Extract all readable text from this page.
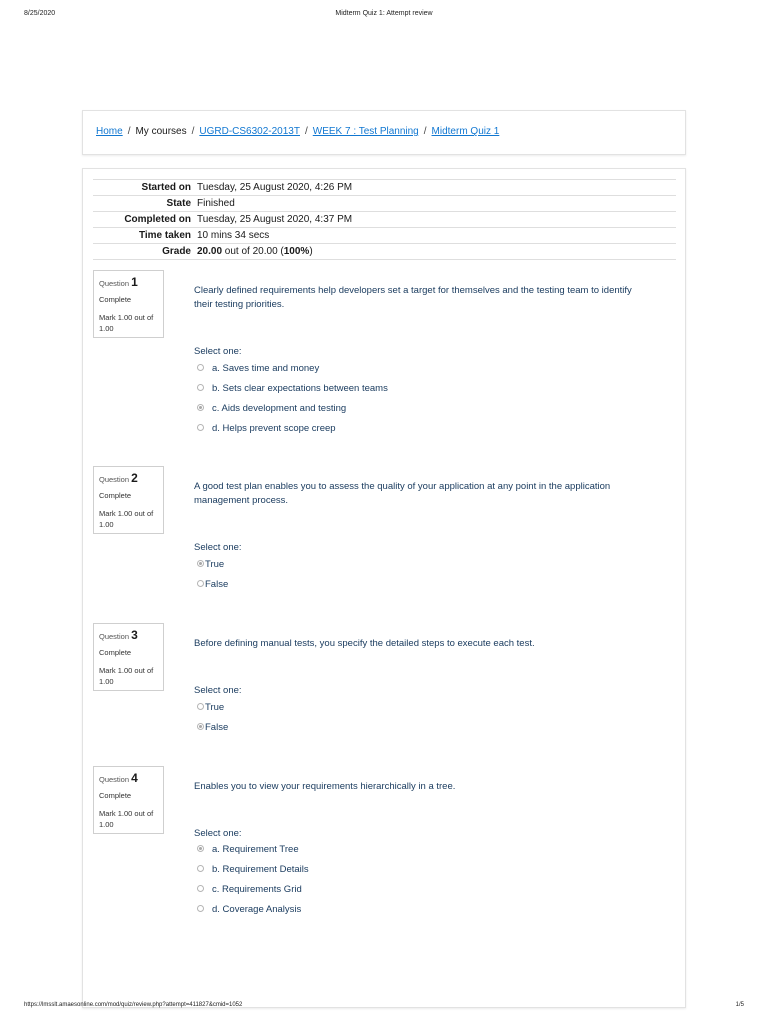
8/25/2020	Midterm Quiz 1: Attempt review
Home / My courses / UGRD-CS6302-2013T / WEEK 7 : Test Planning / Midterm Quiz 1
Started on	Tuesday, 25 August 2020, 4:26 PM
State	Finished
Completed on	Tuesday, 25 August 2020, 4:37 PM
Time taken	10 mins 34 secs
Grade	20.00 out of 20.00 (100%)
Question 1
Complete
Mark 1.00 out of 1.00
Clearly defined requirements help developers set a target for themselves and the testing team to identify their testing priorities.
Select one:
a. Saves time and money
b. Sets clear expectations between teams
c. Aids development and testing
d. Helps prevent scope creep
Question 2
Complete
Mark 1.00 out of 1.00
A good test plan enables you to assess the quality of your application at any point in the application management process.
Select one:
True
False
Question 3
Complete
Mark 1.00 out of 1.00
Before defining manual tests, you specify the detailed steps to execute each test.
Select one:
True
False
Question 4
Complete
Mark 1.00 out of 1.00
Enables you to view your requirements hierarchically in a tree.
Select one:
a. Requirement Tree
b. Requirement Details
c. Requirements Grid
d. Coverage Analysis
https://lmsslt.amaesonline.com/mod/quiz/review.php?attempt=411827&cmid=1052	1/5
